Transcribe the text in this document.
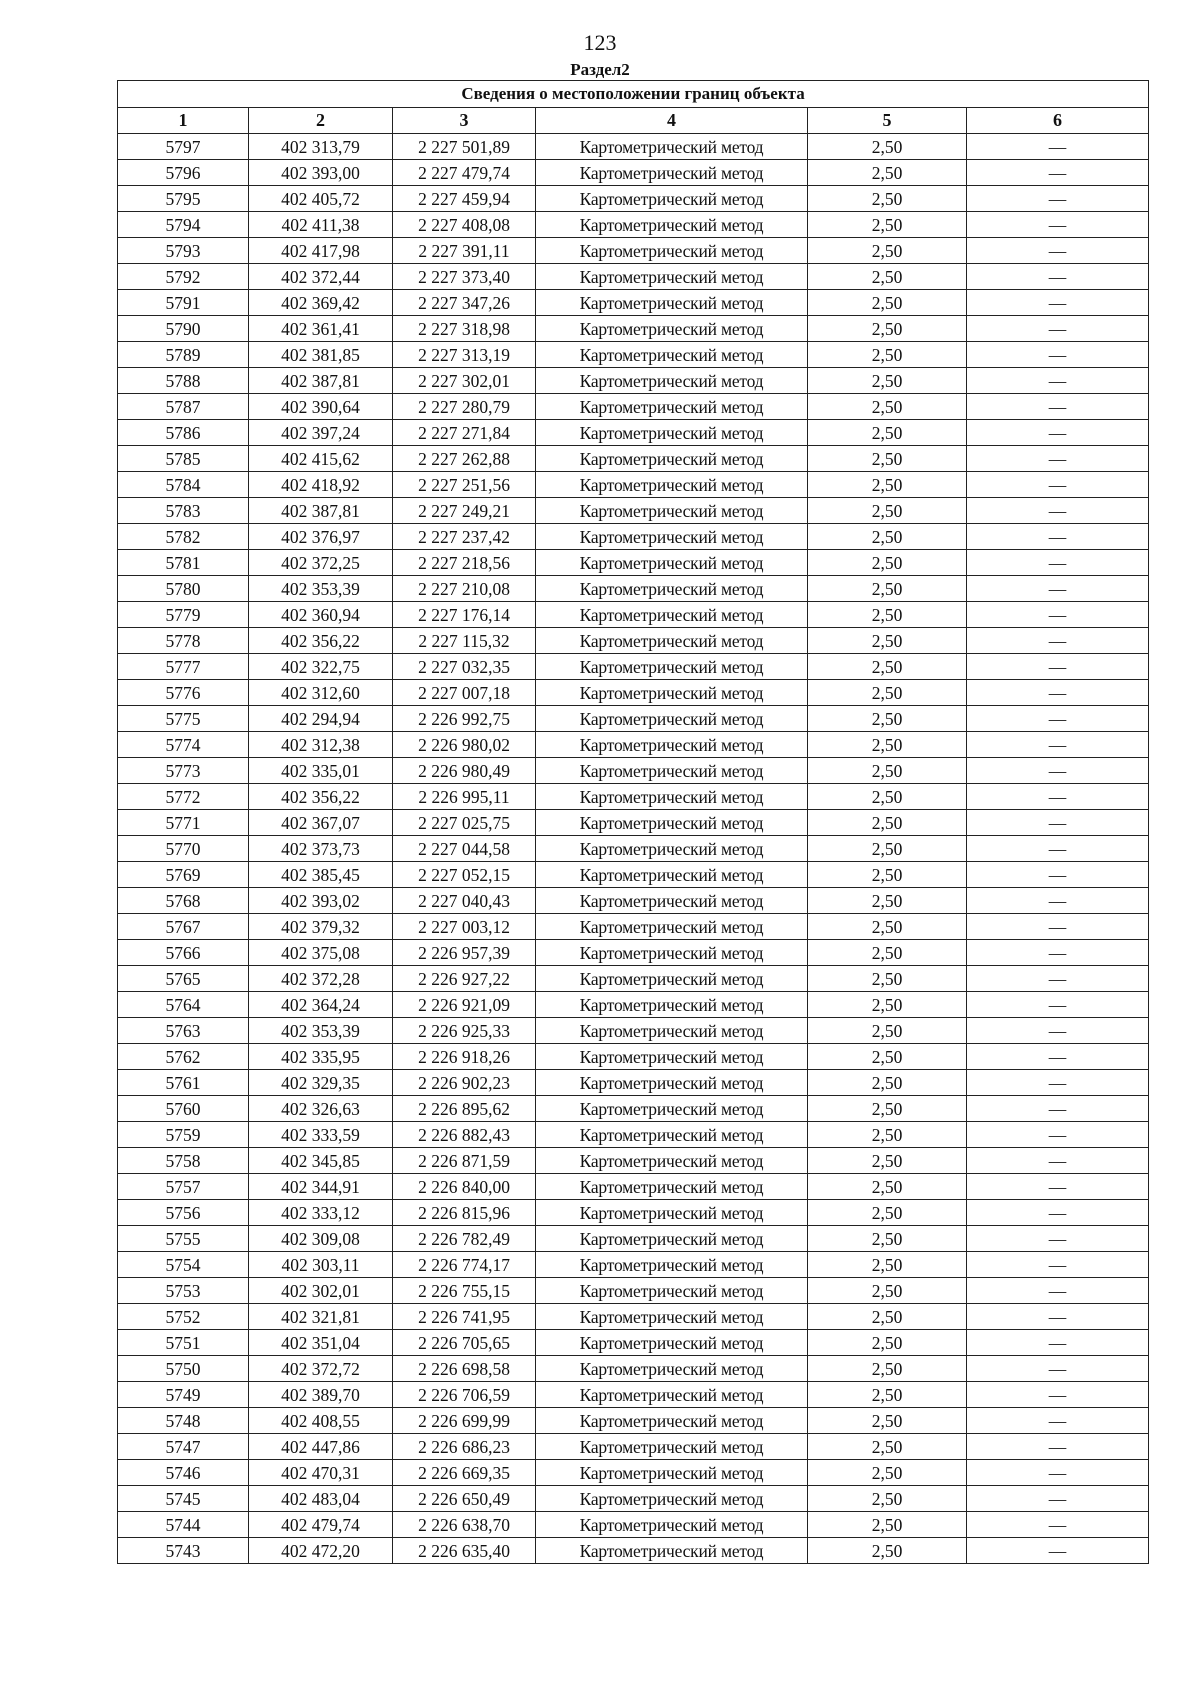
123
Раздел2
Сведения о местоположении границ объекта					
1	2	3	4	5	6
5797	402 313,79	2 227 501,89	Картометрический метод	2,50	—
5796	402 393,00	2 227 479,74	Картометрический метод	2,50	—
5795	402 405,72	2 227 459,94	Картометрический метод	2,50	—
5794	402 411,38	2 227 408,08	Картометрический метод	2,50	—
5793	402 417,98	2 227 391,11	Картометрический метод	2,50	—
5792	402 372,44	2 227 373,40	Картометрический метод	2,50	—
5791	402 369,42	2 227 347,26	Картометрический метод	2,50	—
5790	402 361,41	2 227 318,98	Картометрический метод	2,50	—
5789	402 381,85	2 227 313,19	Картометрический метод	2,50	—
5788	402 387,81	2 227 302,01	Картометрический метод	2,50	—
5787	402 390,64	2 227 280,79	Картометрический метод	2,50	—
5786	402 397,24	2 227 271,84	Картометрический метод	2,50	—
5785	402 415,62	2 227 262,88	Картометрический метод	2,50	—
5784	402 418,92	2 227 251,56	Картометрический метод	2,50	—
5783	402 387,81	2 227 249,21	Картометрический метод	2,50	—
5782	402 376,97	2 227 237,42	Картометрический метод	2,50	—
5781	402 372,25	2 227 218,56	Картометрический метод	2,50	—
5780	402 353,39	2 227 210,08	Картометрический метод	2,50	—
5779	402 360,94	2 227 176,14	Картометрический метод	2,50	—
5778	402 356,22	2 227 115,32	Картометрический метод	2,50	—
5777	402 322,75	2 227 032,35	Картометрический метод	2,50	—
5776	402 312,60	2 227 007,18	Картометрический метод	2,50	—
5775	402 294,94	2 226 992,75	Картометрический метод	2,50	—
5774	402 312,38	2 226 980,02	Картометрический метод	2,50	—
5773	402 335,01	2 226 980,49	Картометрический метод	2,50	—
5772	402 356,22	2 226 995,11	Картометрический метод	2,50	—
5771	402 367,07	2 227 025,75	Картометрический метод	2,50	—
5770	402 373,73	2 227 044,58	Картометрический метод	2,50	—
5769	402 385,45	2 227 052,15	Картометрический метод	2,50	—
5768	402 393,02	2 227 040,43	Картометрический метод	2,50	—
5767	402 379,32	2 227 003,12	Картометрический метод	2,50	—
5766	402 375,08	2 226 957,39	Картометрический метод	2,50	—
5765	402 372,28	2 226 927,22	Картометрический метод	2,50	—
5764	402 364,24	2 226 921,09	Картометрический метод	2,50	—
5763	402 353,39	2 226 925,33	Картометрический метод	2,50	—
5762	402 335,95	2 226 918,26	Картометрический метод	2,50	—
5761	402 329,35	2 226 902,23	Картометрический метод	2,50	—
5760	402 326,63	2 226 895,62	Картометрический метод	2,50	—
5759	402 333,59	2 226 882,43	Картометрический метод	2,50	—
5758	402 345,85	2 226 871,59	Картометрический метод	2,50	—
5757	402 344,91	2 226 840,00	Картометрический метод	2,50	—
5756	402 333,12	2 226 815,96	Картометрический метод	2,50	—
5755	402 309,08	2 226 782,49	Картометрический метод	2,50	—
5754	402 303,11	2 226 774,17	Картометрический метод	2,50	—
5753	402 302,01	2 226 755,15	Картометрический метод	2,50	—
5752	402 321,81	2 226 741,95	Картометрический метод	2,50	—
5751	402 351,04	2 226 705,65	Картометрический метод	2,50	—
5750	402 372,72	2 226 698,58	Картометрический метод	2,50	—
5749	402 389,70	2 226 706,59	Картометрический метод	2,50	—
5748	402 408,55	2 226 699,99	Картометрический метод	2,50	—
5747	402 447,86	2 226 686,23	Картометрический метод	2,50	—
5746	402 470,31	2 226 669,35	Картометрический метод	2,50	—
5745	402 483,04	2 226 650,49	Картометрический метод	2,50	—
5744	402 479,74	2 226 638,70	Картометрический метод	2,50	—
5743	402 472,20	2 226 635,40	Картометрический метод	2,50	—
